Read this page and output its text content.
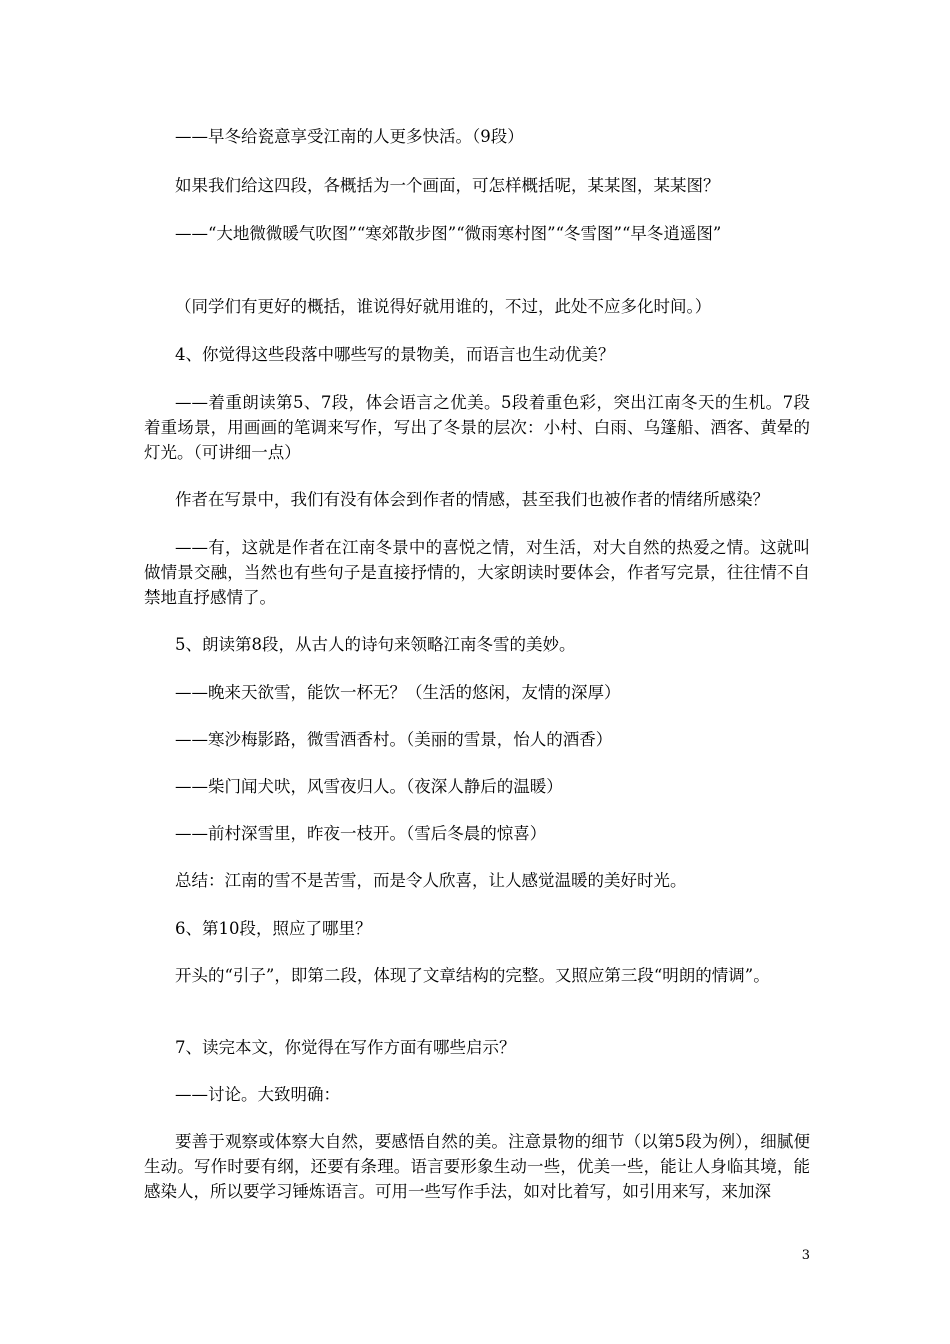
——早冬给瓷意享受江南的人更多快活。（9段）

如果我们给这四段，各概括为一个画面，可怎样概括呢，某某图，某某图？

——“大地微微暖气吹图”“寒郊散步图”“微雨寒村图”“冬雪图”“早冬逍遥图”

（同学们有更好的概括，谁说得好就用谁的，不过，此处不应多化时间。）

4、你觉得这些段落中哪些写的景物美，而语言也生动优美？

——着重朗读第5、7段，体会语言之优美。5段着重色彩，突出江南冬天的生机。7段着重场景，用画画的笔调来写作，写出了冬景的层次：小村、白雨、乌篷船、酒客、黄晕的灯光。（可讲细一点）

作者在写景中，我们有没有体会到作者的情感，甚至我们也被作者的情绪所感染？

——有，这就是作者在江南冬景中的喜悦之情，对生活，对大自然的热爱之情。这就叫做情景交融，当然也有些句子是直接抒情的，大家朗读时要体会，作者写完景，往往情不自禁地直抒感情了。

5、朗读第8段，从古人的诗句来领略江南冬雪的美妙。

——晚来天欲雪，能饮一杯无？（生活的悠闲，友情的深厚）

——寒沙梅影路，微雪酒香村。（美丽的雪景，怡人的酒香）

——柴门闻犬吠，风雪夜归人。（夜深人静后的温暖）

——前村深雪里，昨夜一枝开。（雪后冬晨的惊喜）

总结：江南的雪不是苦雪，而是令人欣喜，让人感觉温暖的美好时光。

6、第10段，照应了哪里？

开头的“引子”，即第二段，体现了文章结构的完整。又照应第三段“明朗的情调”。

7、读完本文，你觉得在写作方面有哪些启示？

——讨论。大致明确：

要善于观察或体察大自然，要感悟自然的美。注意景物的细节（以第5段为例），细腻便生动。写作时要有纲，还要有条理。语言要形象生动一些，优美一些，能让人身临其境，能感染人，所以要学习锤炼语言。可用一些写作手法，如对比着写，如引用来写，来加深

3
